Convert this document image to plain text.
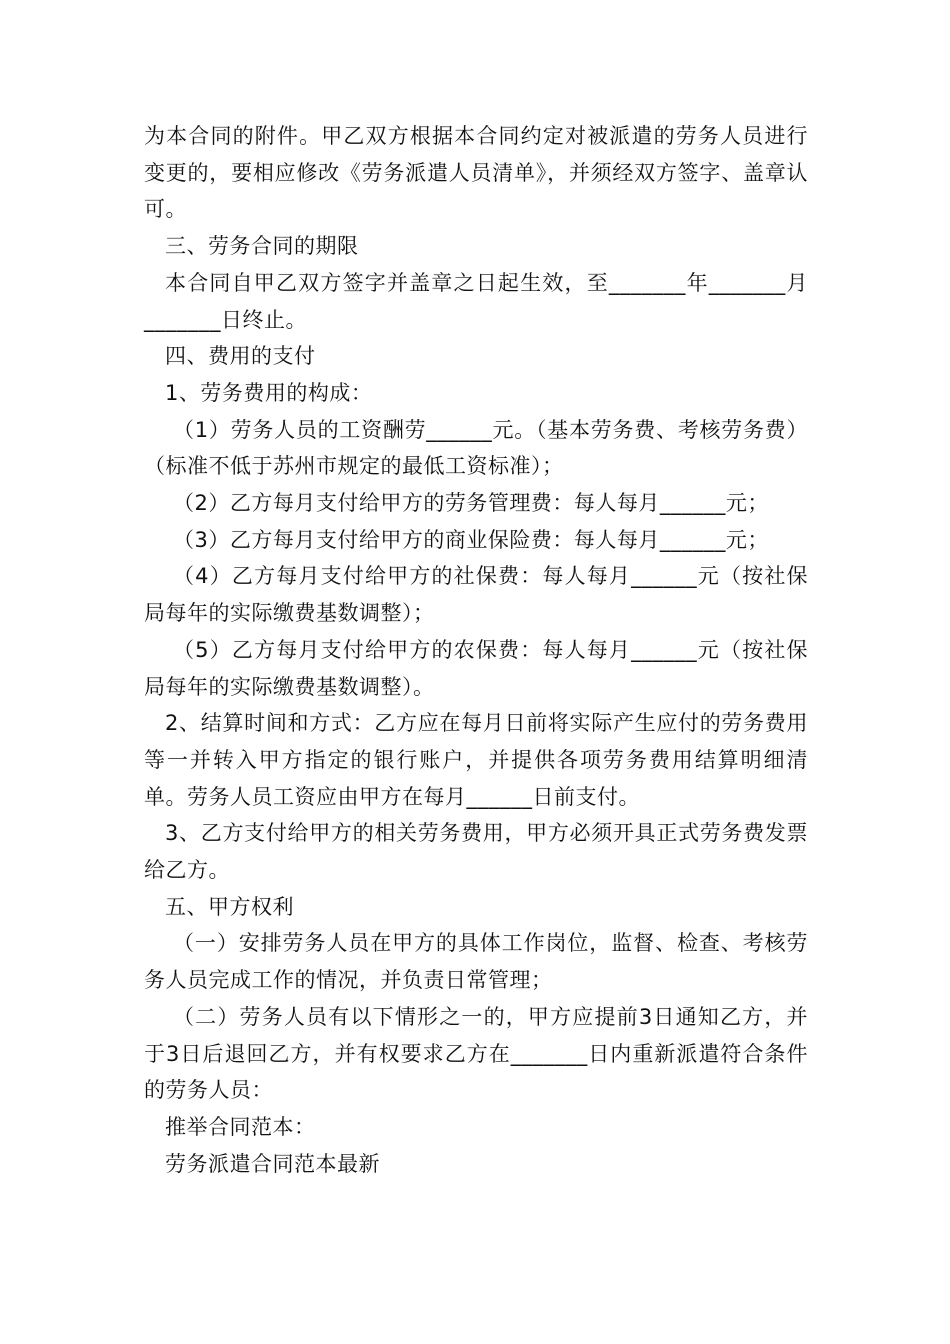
为本合同的附件。甲乙双方根据本合同约定对被派遣的劳务人员进行变更的，要相应修改《劳务派遣人员清单》，并须经双方签字、盖章认可。

三、劳务合同的期限

本合同自甲乙双方签字并盖章之日起生效，至_______年_______月_______日终止。

四、费用的支付

1、劳务费用的构成：

（1）劳务人员的工资酬劳______元。（基本劳务费、考核劳务费）（标准不低于苏州市规定的最低工资标准）；

（2）乙方每月支付给甲方的劳务管理费：每人每月______元；

（3）乙方每月支付给甲方的商业保险费：每人每月______元；

（4）乙方每月支付给甲方的社保费：每人每月______元（按社保局每年的实际缴费基数调整）；

（5）乙方每月支付给甲方的农保费：每人每月______元（按社保局每年的实际缴费基数调整）。

2、结算时间和方式：乙方应在每月日前将实际产生应付的劳务费用等一并转入甲方指定的银行账户，并提供各项劳务费用结算明细清单。劳务人员工资应由甲方在每月______日前支付。

3、乙方支付给甲方的相关劳务费用，甲方必须开具正式劳务费发票给乙方。

五、甲方权利

（一）安排劳务人员在甲方的具体工作岗位，监督、检查、考核劳务人员完成工作的情况，并负责日常管理；

（二）劳务人员有以下情形之一的，甲方应提前3日通知乙方，并于3日后退回乙方，并有权要求乙方在_______日内重新派遣符合条件的劳务人员：

推举合同范本：

劳务派遣合同范本最新
